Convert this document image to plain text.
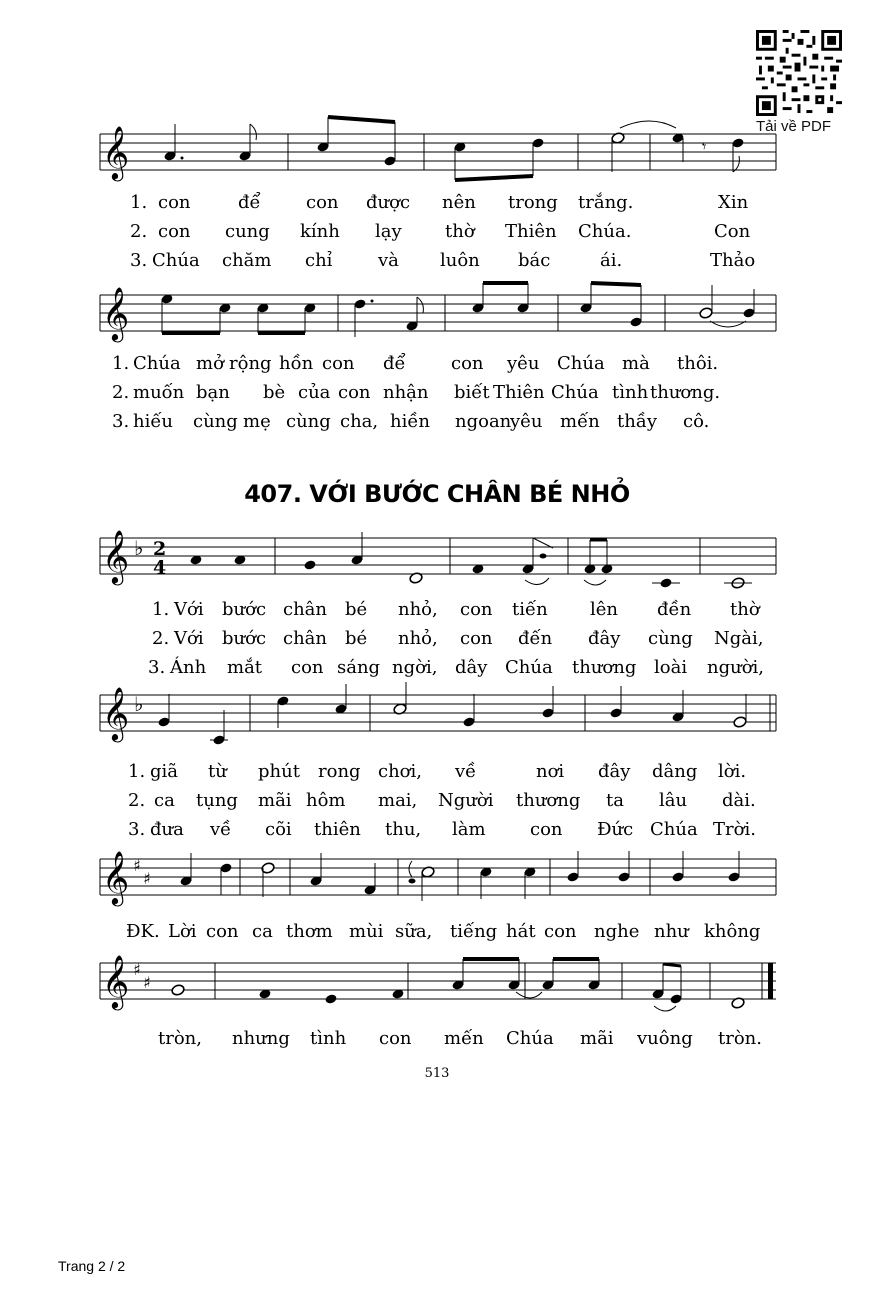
Tải về PDF
𝄞	𝄾
1. con	để	con được nên trong trắng.	Xin
2. con cung kính lạy thờ Thiên Chúa.	Con
3. Chúa chăm chỉ	và luôn bác	ái.	Thảo
𝄞
1. Chúa mở rộng hồn con để	con yêu Chúa mà thôi.
2. muốn bạn bè của con nhận biết Thiên Chúa tình thương.
3. hiếu cùng mẹ cùng cha, hiền ngoan
yêu mến thầy cô.
407. VỚI BƯỚC CHÂN BÉ NHỎ
𝄞 ♭ 2
4
1. Với bước chân bé nhỏ, con tiến lên đền thờ
2. Với bước chân bé nhỏ, con đến đây cùng Ngài,
3. Ánh mắt con sáng ngời, dây Chúa thương loài người,
𝄞 ♭
1. giã từ phút rong chơi, về	nơi đây dâng lời.
2. ca tụng mãi hôm mai, Người thương ta lâu dài.
3. đưa về cõi thiên thu, làm con Đức Chúa Trời.
𝄞 ♯
♯
ĐK. Lời con ca thơm mùi sữa, tiếng hát con nghe như không
𝄞 ♯
♯
tròn, nhưng tình con mến Chúa mãi vuông tròn.
513
Trang 2 / 2
